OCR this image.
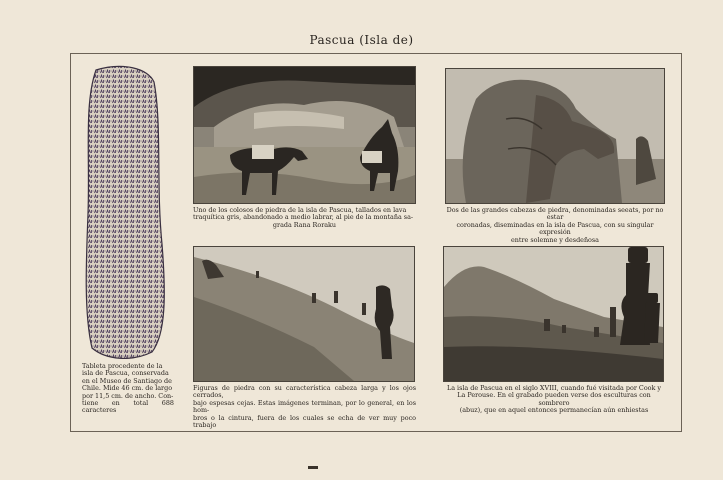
Pascua (Isla de)
Uno de los colosos de piedra de la isla de Pascua, tallados en lava
traquítica gris, abandonado a medio labrar, al pie de la montaña sa-
grada Rana Roraku
Dos de las grandes cabezas de piedra, denominadas seeats, por no estar
coronadas, diseminadas en la isla de Pascua, con su singular expresión
entre solemne y desdeñosa
Figuras de piedra con su característica cabeza larga y los ojos cerrados,
bajo espesas cejas. Estas imágenes terminan, por lo general, en los hom-
bros o la cintura, fuera de los cuales se echa de ver muy poco trabajo
La isla de Pascua en el siglo XVIII, cuando fué visitada por Cook y
La Perouse. En el grabado pueden verse dos esculturas con sombrero
(abuz), que en aquel entonces permanecían aún enhiestas
Tableta procedente de la
isla de Pascua, conservada
en el Museo de Santiago de
Chile. Mide 46 cm. de largo
por 11,5 cm. de ancho. Con-
tiene en total 688 caracteres
